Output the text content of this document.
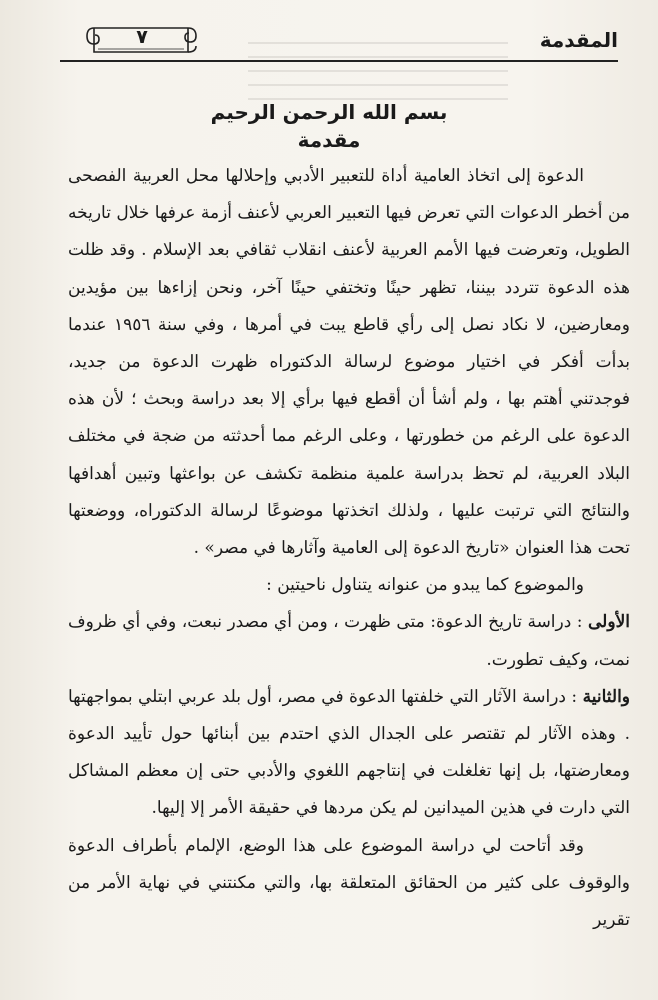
المقدمة
٧
بسم الله الرحمن الرحيم
مقدمة

الدعوة إلى اتخاذ العامية أداة للتعبير الأدبي وإحلالها محل العربية الفصحى من أخطر الدعوات التي تعرض فيها التعبير العربي لأعنف أزمة عرفها خلال تاريخه الطويل، وتعرضت فيها الأمم العربية لأعنف انقلاب ثقافي بعد الإسلام . وقد ظلت هذه الدعوة تتردد بيننا، تظهر حينًا وتختفي حينًا آخر، ونحن إزاءها بين مؤيدين ومعارضين، لا نكاد نصل إلى رأي قاطع يبت في أمرها ، وفي سنة ١٩٥٦ عندما بدأت أفكر في اختيار موضوع لرسالة الدكتوراه ظهرت الدعوة من جديد، فوجدتني أهتم بها ، ولم أشأ أن أقطع فيها برأي إلا بعد دراسة وبحث ؛ لأن هذه الدعوة على الرغم من خطورتها ، وعلى الرغم مما أحدثته من ضجة في مختلف البلاد العربية، لم تحظ بدراسة علمية منظمة تكشف عن بواعثها وتبين أهدافها والنتائج التي ترتبت عليها ، ولذلك اتخذتها موضوعًا لرسالة الدكتوراه، ووضعتها تحت هذا العنوان «تاريخ الدعوة إلى العامية وآثارها في مصر» .

والموضوع كما يبدو من عنوانه يتناول ناحيتين :

الأولى : دراسة تاريخ الدعوة: متى ظهرت ، ومن أي مصدر نبعت، وفي أي ظروف نمت، وكيف تطورت.

والثانية : دراسة الآثار التي خلفتها الدعوة في مصر، أول بلد عربي ابتلي بمواجهتها . وهذه الآثار لم تقتصر على الجدال الذي احتدم بين أبنائها حول تأييد الدعوة ومعارضتها، بل إنها تغلغلت في إنتاجهم اللغوي والأدبي حتى إن معظم المشاكل التي دارت في هذين الميدانين لم يكن مردها في حقيقة الأمر إلا إليها.

وقد أتاحت لي دراسة الموضوع على هذا الوضع، الإلمام بأطراف الدعوة والوقوف على كثير من الحقائق المتعلقة بها، والتي مكنتني في نهاية الأمر من تقرير
